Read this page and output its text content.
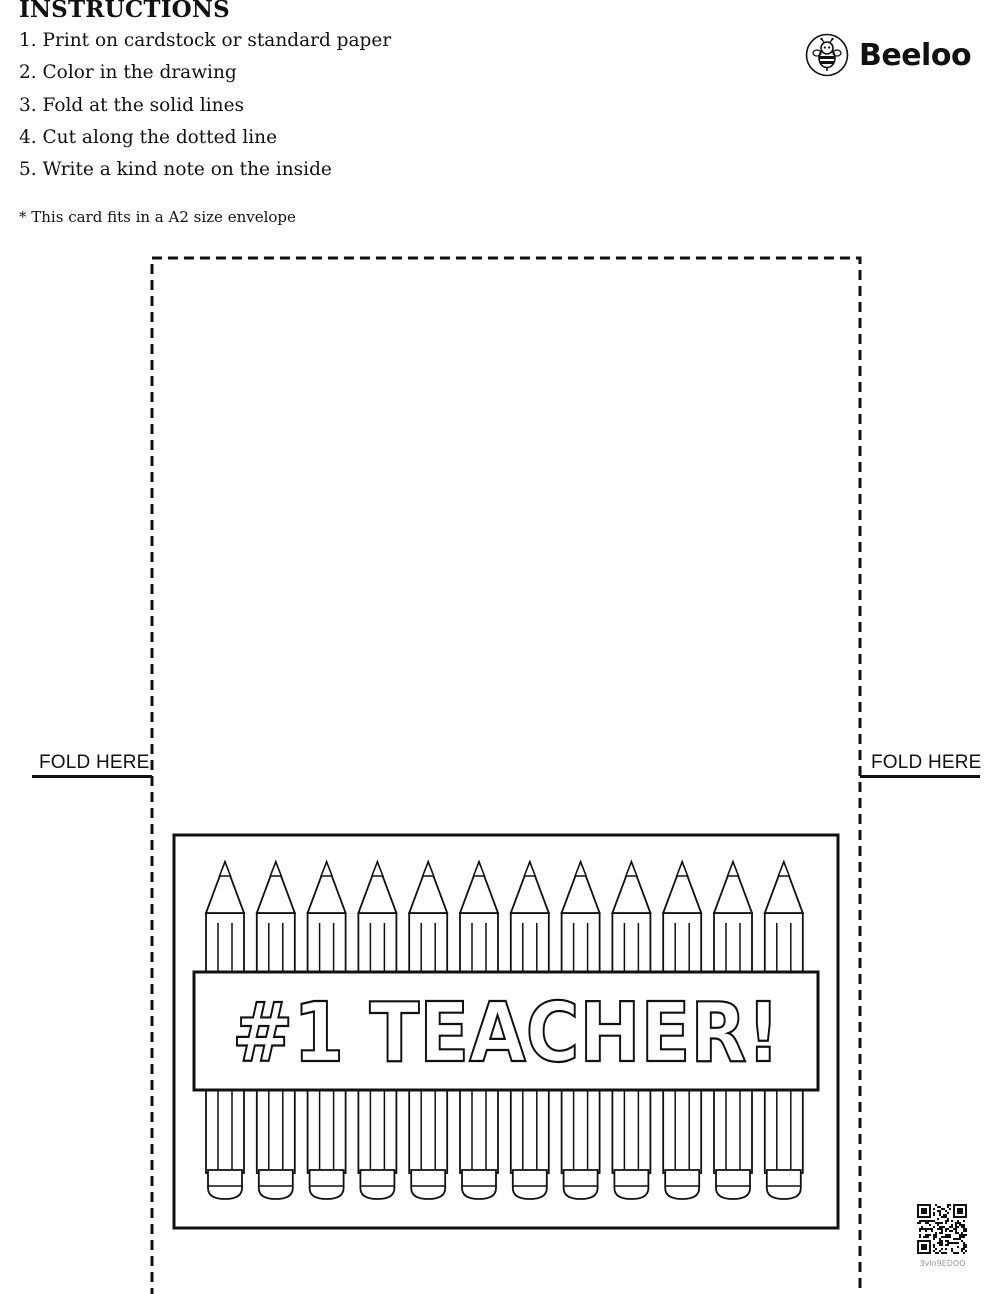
INSTRUCTIONS
1. Print on cardstock or standard paper
2. Color in the drawing
3. Fold at the solid lines
4. Cut along the dotted line
5. Write a kind note on the inside
* This card fits in a A2 size envelope
Beeloo
#1 TEACHER!
FOLD HERE	FOLD HERE
3vln9EDOO
